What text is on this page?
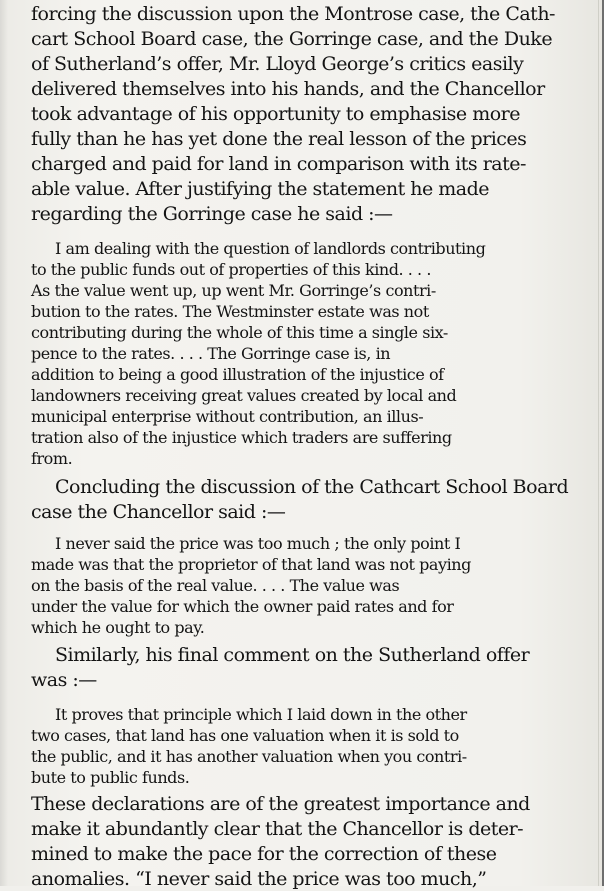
forcing the discussion upon the Montrose case, the Cath-
cart School Board case, the Gorringe case, and the Duke
of Sutherland’s offer, Mr. Lloyd George’s critics easily
delivered themselves into his hands, and the Chancellor
took advantage of his opportunity to emphasise more
fully than he has yet done the real lesson of the prices
charged and paid for land in comparison with its rate-
able value. After justifying the statement he made
regarding the Gorringe case he said :—
I am dealing with the question of landlords contributing
to the public funds out of properties of this kind. . . .
As the value went up, up went Mr. Gorringe’s contri-
bution to the rates. The Westminster estate was not
contributing during the whole of this time a single six-
pence to the rates. . . . The Gorringe case is, in
addition to being a good illustration of the injustice of
landowners receiving great values created by local and
municipal enterprise without contribution, an illus-
tration also of the injustice which traders are suffering
from.
Concluding the discussion of the Cathcart School Board
case the Chancellor said :—
I never said the price was too much ; the only point I
made was that the proprietor of that land was not paying
on the basis of the real value. . . . The value was
under the value for which the owner paid rates and for
which he ought to pay.
Similarly, his final comment on the Sutherland offer
was :—
It proves that principle which I laid down in the other
two cases, that land has one valuation when it is sold to
the public, and it has another valuation when you contri-
bute to public funds.
These declarations are of the greatest importance and
make it abundantly clear that the Chancellor is deter-
mined to make the pace for the correction of these
anomalies. “I never said the price was too much,”
